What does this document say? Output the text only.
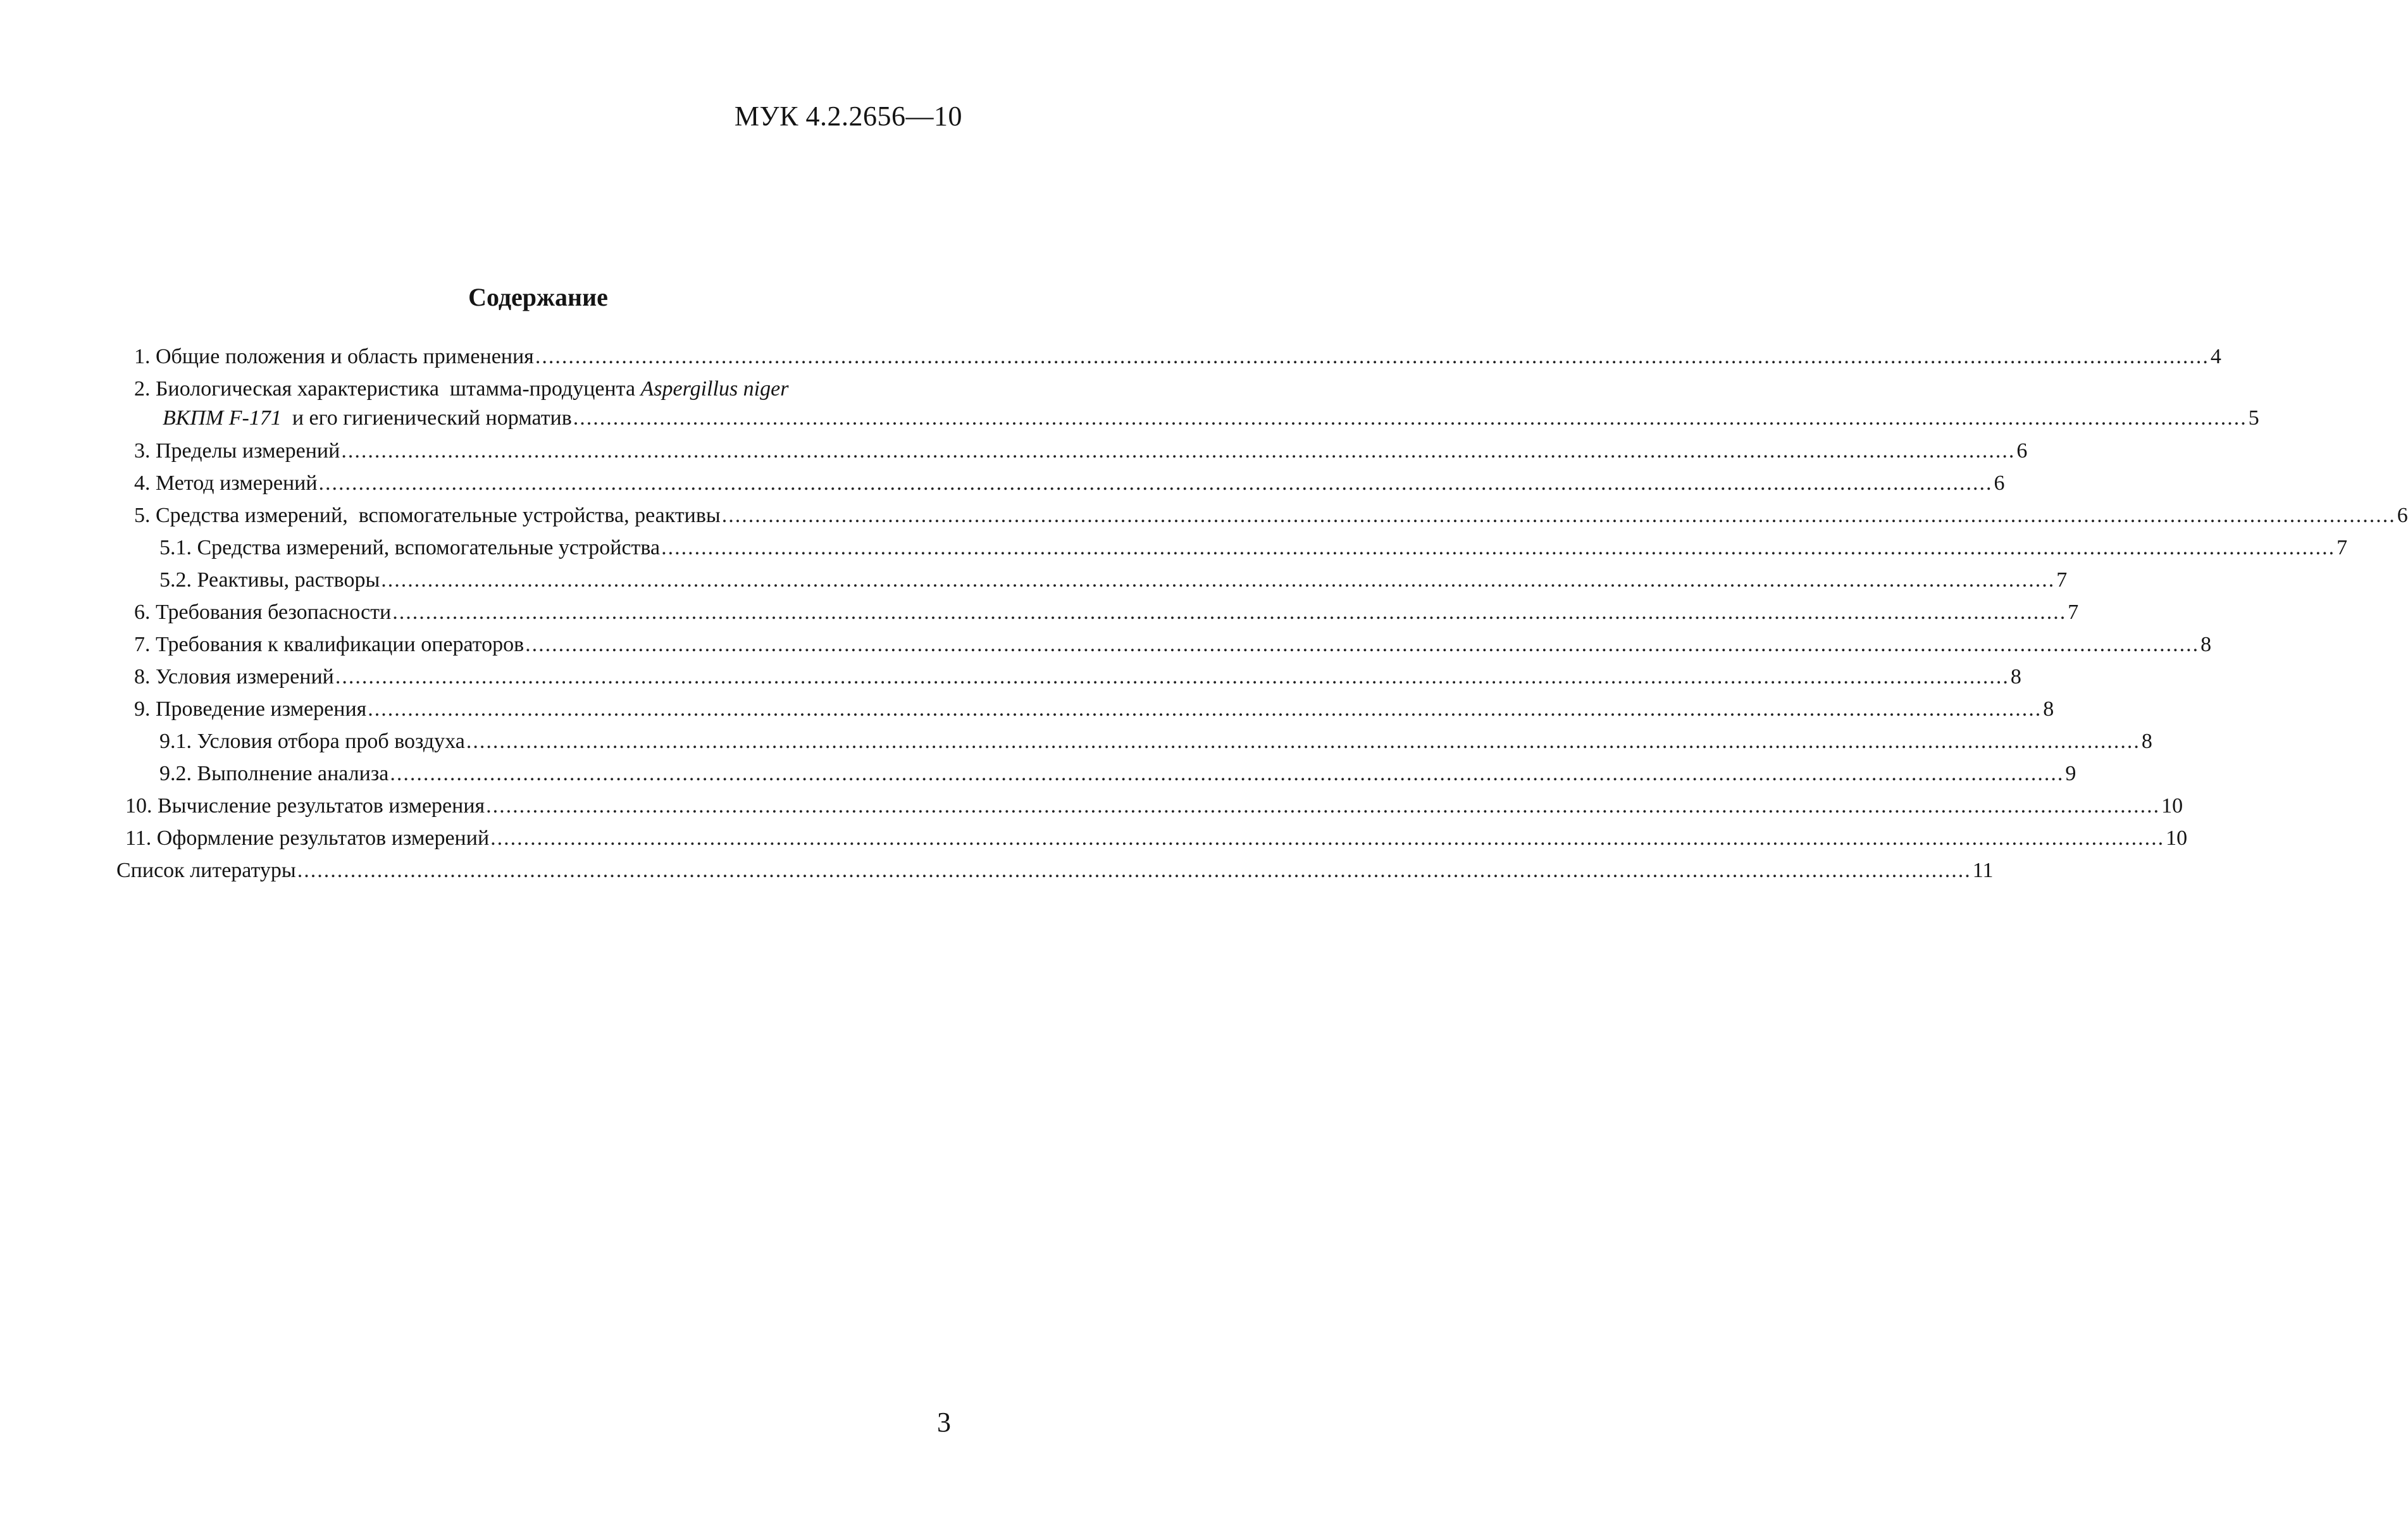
МУК 4.2.2656—10
Содержание
1. Общие положения и область применения ............................................................................................................................................................................................................................................................ 4
2. Биологическая характеристика  штамма-продуцента Aspergillus niger
ВКПМ F-171 и его гигиенический норматив ............................................................................................................................................................................................................................................................ 5
3. Пределы измерений ............................................................................................................................................................................................................................................................ 6
4. Метод измерений ............................................................................................................................................................................................................................................................ 6
5. Средства измерений,  вспомогательные устройства, реактивы ............................................................................................................................................................................................................................................................ 6
5.1. Средства измерений, вспомогательные устройства ............................................................................................................................................................................................................................................................ 7
5.2. Реактивы, растворы ............................................................................................................................................................................................................................................................ 7
6. Требования безопасности ............................................................................................................................................................................................................................................................ 7
7. Требования к квалификации операторов ............................................................................................................................................................................................................................................................ 8
8. Условия измерений ............................................................................................................................................................................................................................................................ 8
9. Проведение измерения ............................................................................................................................................................................................................................................................ 8
9.1. Условия отбора проб воздуха ............................................................................................................................................................................................................................................................ 8
9.2. Выполнение анализа ............................................................................................................................................................................................................................................................ 9
10. Вычисление результатов измерения ............................................................................................................................................................................................................................................................ 10
11. Оформление результатов измерений ............................................................................................................................................................................................................................................................ 10
Список литературы ............................................................................................................................................................................................................................................................ 11
3
